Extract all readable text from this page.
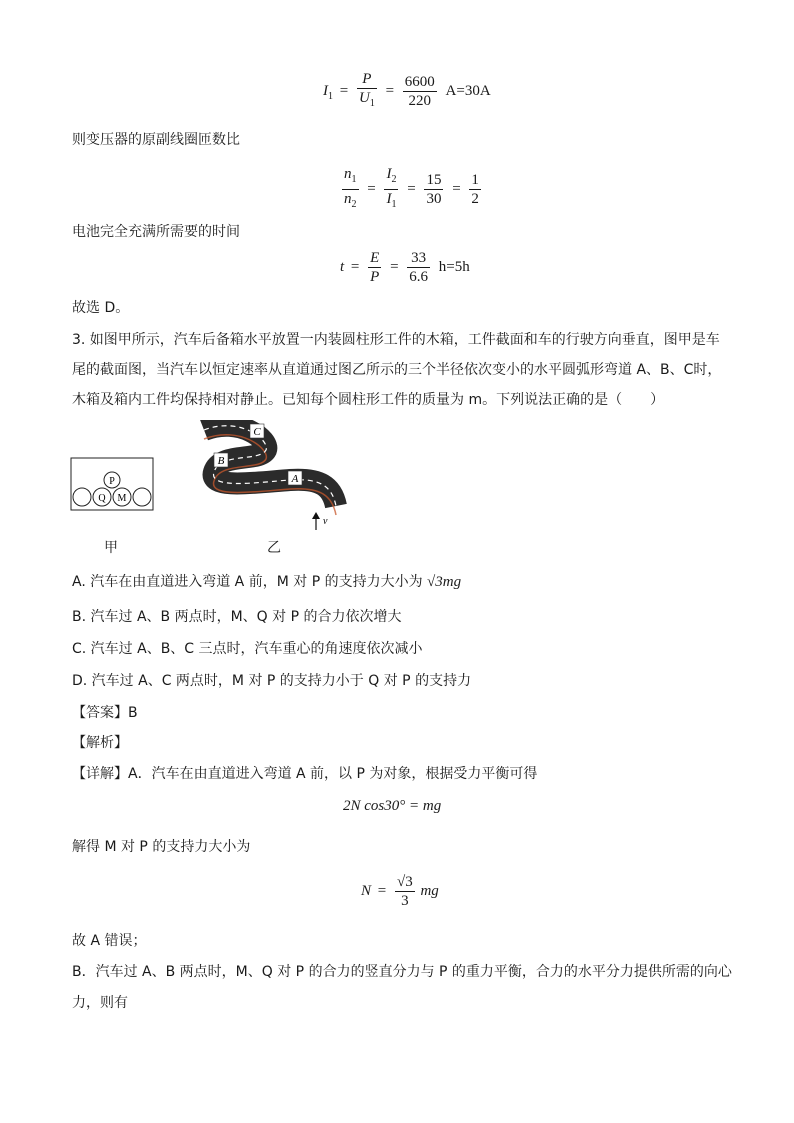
$I_1 = \frac{P}{U_1} = \frac{6600}{220} A=30A$
则变压器的原副线圈匝数比
$\frac{n_1}{n_2} = \frac{I_2}{I_1} = \frac{15}{30} = \frac{1}{2}$
电池完全充满所需要的时间
$t = \frac{E}{P} = \frac{33}{6.6} h=5h$
故选 D。
3. 如图甲所示，汽车后备箱水平放置一内装圆柱形工件的木箱，工件截面和车的行驶方向垂直，图甲是车
尾的截面图，当汽车以恒定速率从直道通过图乙所示的三个半径依次变小的水平圆弧形弯道 A、B、C时，
木箱及箱内工件均保持相对静止。已知每个圆柱形工件的质量为 m。下列说法正确的是（　　）
P
Q M
甲
C
B
A
v
乙
A. 汽车在由直道进入弯道 A 前，M 对 P 的支持力大小为 √3mg
B. 汽车过 A、B 两点时，M、Q 对 P 的合力依次增大
C. 汽车过 A、B、C 三点时，汽车重心的角速度依次减小
D. 汽车过 A、C 两点时，M 对 P 的支持力小于 Q 对 P 的支持力
【答案】B
【解析】
【详解】A．汽车在由直道进入弯道 A 前，以 P 为对象，根据受力平衡可得
2N cos30° = mg
解得 M 对 P 的支持力大小为
$N = \frac{√3}{3}$ mg
故 A 错误；
B．汽车过 A、B 两点时，M、Q 对 P 的合力的竖直分力与 P 的重力平衡，合力的水平分力提供所需的向心
力，则有
